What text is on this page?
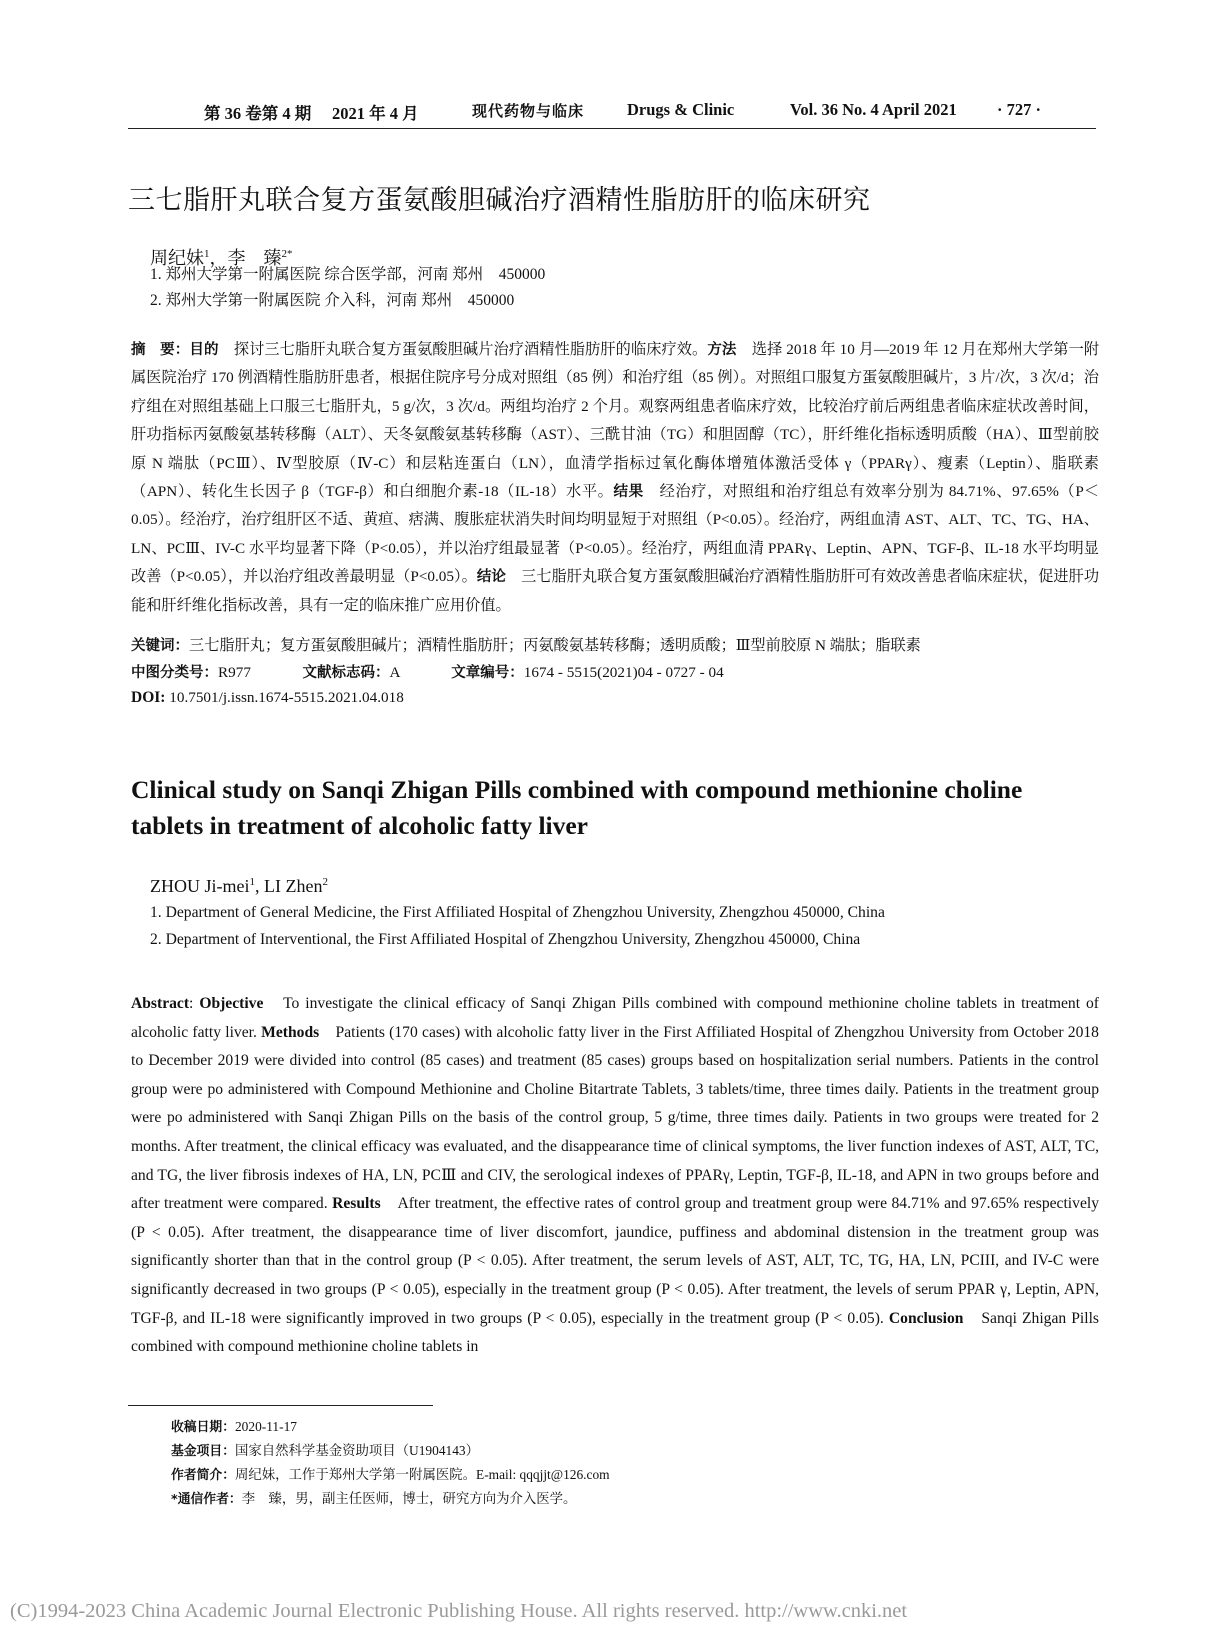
第 36 卷第 4 期 2021 年 4 月	现代药物与临床	Drugs & Clinic	Vol. 36 No. 4 April 2021 · 727 ·
三七脂肝丸联合复方蛋氨酸胆碱治疗酒精性脂肪肝的临床研究
周纪妹$^1$，李　臻$^{2*}$
1. 郑州大学第一附属医院 综合医学部，河南 郑州　450000
2. 郑州大学第一附属医院 介入科，河南 郑州　450000
摘　要：目的　探讨三七脂肝丸联合复方蛋氨酸胆碱片治疗酒精性脂肪肝的临床疗效。方法　选择 2018 年 10 月—2019 年 12 月在郑州大学第一附属医院治疗 170 例酒精性脂肪肝患者，根据住院序号分成对照组（85 例）和治疗组（85 例）。对照组口服复方蛋氨酸胆碱片，3 片/次，3 次/d；治疗组在对照组基础上口服三七脂肝丸，5 g/次，3 次/d。两组均治疗 2 个月。观察两组患者临床疗效，比较治疗前后两组患者临床症状改善时间，肝功指标丙氨酸氨基转移酶（ALT）、天冬氨酸氨基转移酶（AST）、三酰甘油（TG）和胆固醇（TC），肝纤维化指标透明质酸（HA）、Ⅲ型前胶原 N 端肽（PCⅢ）、Ⅳ型胶原（Ⅳ-C）和层粘连蛋白（LN），血清学指标过氧化酶体增殖体激活受体 γ（PPARγ）、瘦素（Leptin）、脂联素（APN）、转化生长因子 β（TGF-β）和白细胞介素-18（IL-18）水平。结果　经治疗，对照组和治疗组总有效率分别为 84.71%、97.65%（P＜0.05）。经治疗，治疗组肝区不适、黄疸、痞满、腹胀症状消失时间均明显短于对照组（P<0.05）。经治疗，两组血清 AST、ALT、TC、TG、HA、LN、PCⅢ、IV-C 水平均显著下降（P<0.05），并以治疗组最显著（P<0.05）。经治疗，两组血清 PPARγ、Leptin、APN、TGF-β、IL-18 水平均明显改善（P<0.05），并以治疗组改善最明显（P<0.05）。结论　三七脂肝丸联合复方蛋氨酸胆碱治疗酒精性脂肪肝可有效改善患者临床症状，促进肝功能和肝纤维化指标改善，具有一定的临床推广应用价值。
关键词：三七脂肝丸；复方蛋氨酸胆碱片；酒精性脂肪肝；丙氨酸氨基转移酶；透明质酸；Ⅲ型前胶原 N 端肽；脂联素
中图分类号：R977	文献标志码：A	文章编号：1674 - 5515(2021)04 - 0727 - 04
DOI: 10.7501/j.issn.1674-5515.2021.04.018
Clinical study on Sanqi Zhigan Pills combined with compound methionine choline tablets in treatment of alcoholic fatty liver
ZHOU Ji-mei$^1$, LI Zhen$^2$
1. Department of General Medicine, the First Affiliated Hospital of Zhengzhou University, Zhengzhou 450000, China
2. Department of Interventional, the First Affiliated Hospital of Zhengzhou University, Zhengzhou 450000, China
Abstract: Objective　To investigate the clinical efficacy of Sanqi Zhigan Pills combined with compound methionine choline tablets in treatment of alcoholic fatty liver. Methods　Patients (170 cases) with alcoholic fatty liver in the First Affiliated Hospital of Zhengzhou University from October 2018 to December 2019 were divided into control (85 cases) and treatment (85 cases) groups based on hospitalization serial numbers. Patients in the control group were po administered with Compound Methionine and Choline Bitartrate Tablets, 3 tablets/time, three times daily. Patients in the treatment group were po administered with Sanqi Zhigan Pills on the basis of the control group, 5 g/time, three times daily. Patients in two groups were treated for 2 months. After treatment, the clinical efficacy was evaluated, and the disappearance time of clinical symptoms, the liver function indexes of AST, ALT, TC, and TG, the liver fibrosis indexes of HA, LN, PCⅢ and CIV, the serological indexes of PPARγ, Leptin, TGF-β, IL-18, and APN in two groups before and after treatment were compared. Results　After treatment, the effective rates of control group and treatment group were 84.71% and 97.65% respectively (P < 0.05). After treatment, the disappearance time of liver discomfort, jaundice, puffiness and abdominal distension in the treatment group was significantly shorter than that in the control group (P < 0.05). After treatment, the serum levels of AST, ALT, TC, TG, HA, LN, PCIII, and IV-C were significantly decreased in two groups (P < 0.05), especially in the treatment group (P < 0.05). After treatment, the levels of serum PPAR γ, Leptin, APN, TGF-β, and IL-18 were significantly improved in two groups (P < 0.05), especially in the treatment group (P < 0.05). Conclusion　Sanqi Zhigan Pills combined with compound methionine choline tablets in
收稿日期：2020-11-17
基金项目：国家自然科学基金资助项目（U1904143）
作者简介：周纪妹，工作于郑州大学第一附属医院。E-mail: qqqjjt@126.com
*通信作者：李　臻，男，副主任医师，博士，研究方向为介入医学。
(C)1994-2023 China Academic Journal Electronic Publishing House. All rights reserved. http://www.cnki.net
